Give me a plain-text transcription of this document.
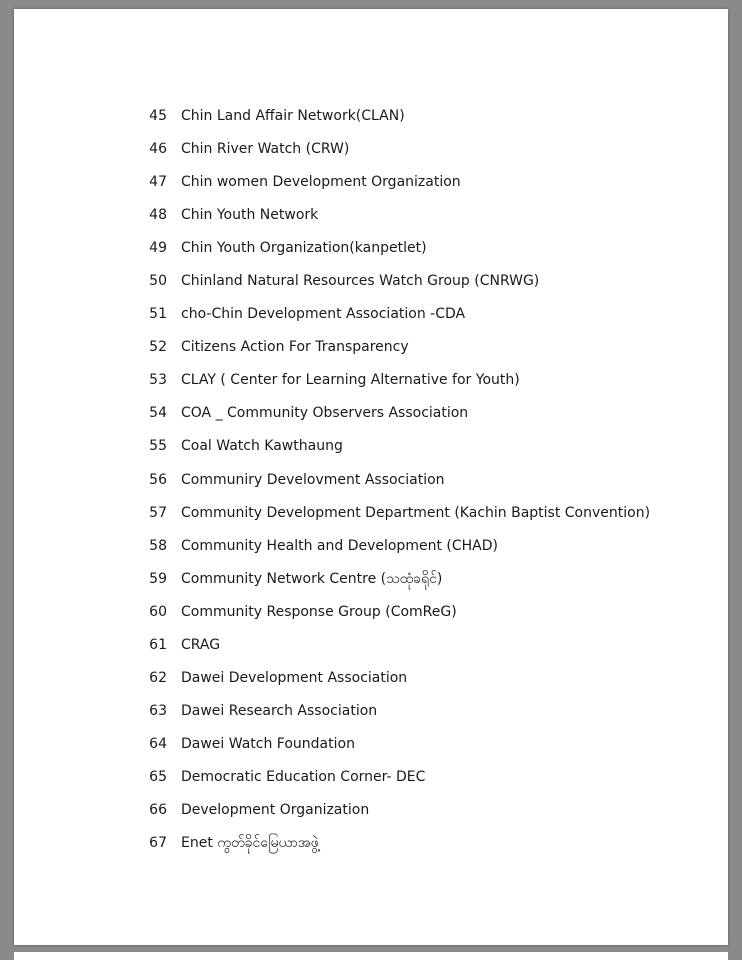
45 Chin Land Affair Network(CLAN)
46 Chin River Watch (CRW)
47 Chin women Development Organization
48 Chin Youth Network
49 Chin Youth Organization(kanpetlet)
50 Chinland Natural Resources Watch Group (CNRWG)
51 cho-Chin Development Association -CDA
52 Citizens Action For Transparency
53 CLAY ( Center for Learning Alternative for Youth)
54 COA _ Community Observers Association
55 Coal Watch Kawthaung
56 Communiry Develovment Association
57 Community Development Department (Kachin Baptist Convention)
58 Community Health and Development (CHAD)
59 Community Network Centre (သထုံခရိုင်)
60 Community Response Group (ComReG)
61 CRAG
62 Dawei Development Association
63 Dawei Research Association
64 Dawei Watch Foundation
65 Democratic Education Corner- DEC
66 Development Organization
67 Enet ကွတ်ခိုင်မြေယာအဖွဲ့
